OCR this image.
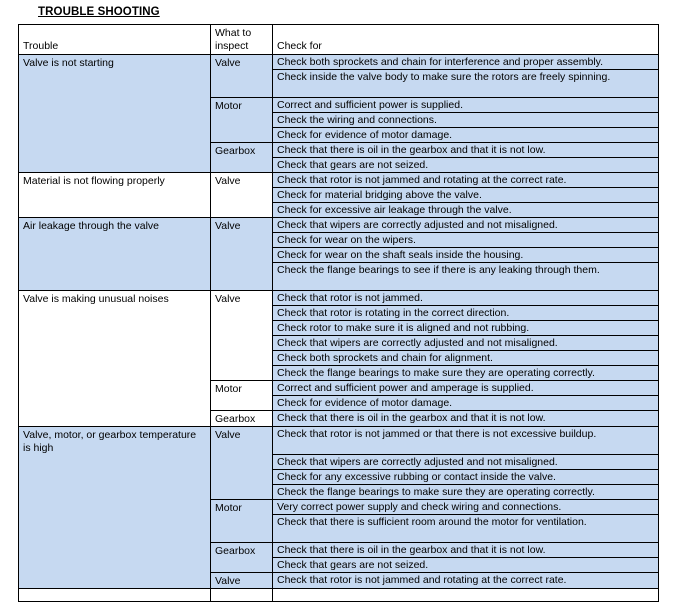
TROUBLE SHOOTING
Trouble	What to inspect	Check for
Valve is not starting	Valve	Check both sprockets and chain for interference and proper assembly.
		Check inside the valve body to make sure the rotors are freely spinning.
	Motor	Correct and sufficient power is supplied.
		Check the wiring and connections.
		Check for evidence of motor damage.
	Gearbox	Check that there is oil in the gearbox and that it is not low.
		Check that gears are not seized.
Material is not flowing properly	Valve	Check that rotor is not jammed and rotating at the correct rate.
		Check for material bridging above the valve.
		Check for excessive air leakage through the valve.
Air leakage through the valve	Valve	Check that wipers are correctly adjusted and not misaligned.
		Check for wear on the wipers.
		Check for wear on the shaft seals inside the housing.
		Check the flange bearings to see if there is any leaking through them.
Valve is making unusual noises	Valve	Check that rotor is not jammed.
		Check that rotor is rotating in the correct direction.
		Check rotor to make sure it is aligned and not rubbing.
		Check that wipers are correctly adjusted and not misaligned.
		Check both sprockets and chain for alignment.
		Check the flange bearings to make sure they are operating correctly.
	Motor	Correct and sufficient power and amperage is supplied.
		Check for evidence of motor damage.
	Gearbox	Check that there is oil in the gearbox and that it is not low.
Valve, motor, or gearbox temperature is high	Valve	Check that rotor is not jammed or that there is not excessive buildup.
		Check that wipers are correctly adjusted and not misaligned.
		Check for any excessive rubbing or contact inside the valve.
		Check the flange bearings to make sure they are operating correctly.
	Motor	Very correct power supply and check wiring and connections.
		Check that there is sufficient room around the motor for ventilation.
	Gearbox	Check that there is oil in the gearbox and that it is not low.
		Check that gears are not seized.
	Valve	Check that rotor is not jammed and rotating at the correct rate.
